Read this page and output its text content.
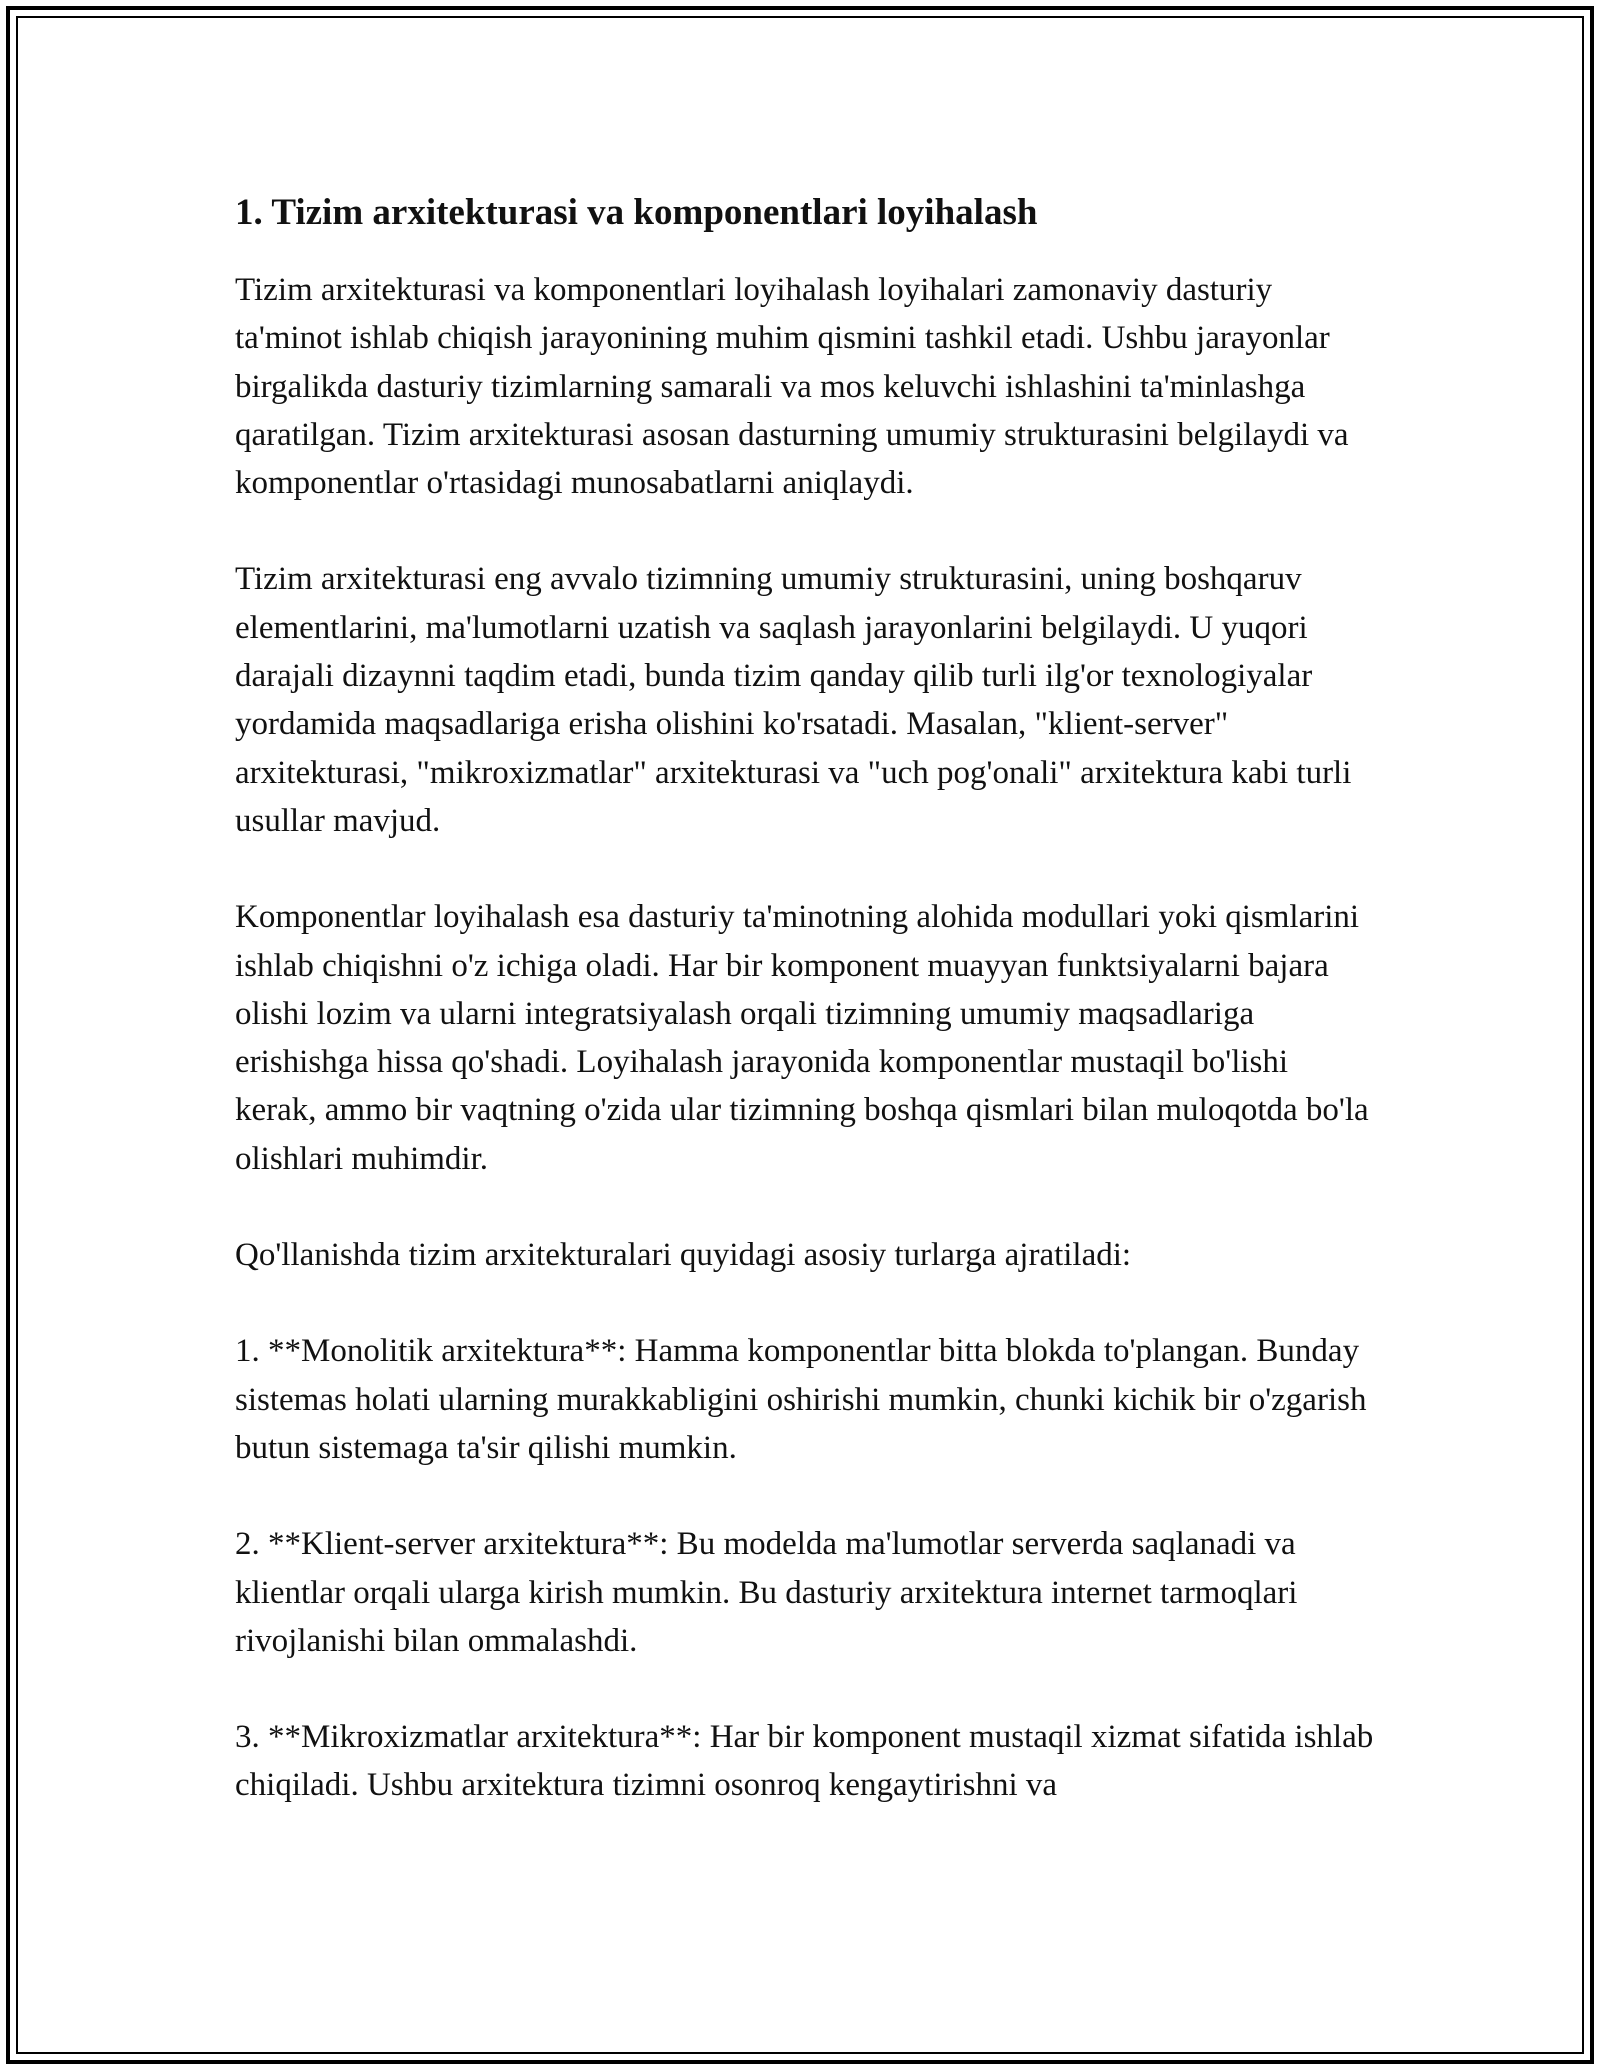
1. Tizim arxitekturasi va komponentlari loyihalash

Tizim arxitekturasi va komponentlari loyihalash loyihalari zamonaviy dasturiy ta'minot ishlab chiqish jarayonining muhim qismini tashkil etadi. Ushbu jarayonlar birgalikda dasturiy tizimlarning samarali va mos keluvchi ishlashini ta'minlashga qaratilgan. Tizim arxitekturasi asosan dasturning umumiy strukturasini belgilaydi va komponentlar o'rtasidagi munosabatlarni aniqlaydi.

Tizim arxitekturasi eng avvalo tizimning umumiy strukturasini, uning boshqaruv elementlarini, ma'lumotlarni uzatish va saqlash jarayonlarini belgilaydi. U yuqori darajali dizaynni taqdim etadi, bunda tizim qanday qilib turli ilg'or texnologiyalar yordamida maqsadlariga erisha olishini ko'rsatadi. Masalan, "klient-server" arxitekturasi, "mikroxizmatlar" arxitekturasi va "uch pog'onali" arxitektura kabi turli usullar mavjud.

Komponentlar loyihalash esa dasturiy ta'minotning alohida modullari yoki qismlarini ishlab chiqishni o'z ichiga oladi. Har bir komponent muayyan funktsiyalarni bajara olishi lozim va ularni integratsiyalash orqali tizimning umumiy maqsadlariga erishishga hissa qo'shadi. Loyihalash jarayonida komponentlar mustaqil bo'lishi kerak, ammo bir vaqtning o'zida ular tizimning boshqa qismlari bilan muloqotda bo'la olishlari muhimdir.

Qo'llanishda tizim arxitekturalari quyidagi asosiy turlarga ajratiladi:

1. **Monolitik arxitektura**: Hamma komponentlar bitta blokda to'plangan. Bunday sistemas holati ularning murakkabligini oshirishi mumkin, chunki kichik bir o'zgarish butun sistemaga ta'sir qilishi mumkin.

2. **Klient-server arxitektura**: Bu modelda ma'lumotlar serverda saqlanadi va klientlar orqali ularga kirish mumkin. Bu dasturiy arxitektura internet tarmoqlari rivojlanishi bilan ommalashdi.

3. **Mikroxizmatlar arxitektura**: Har bir komponent mustaqil xizmat sifatida ishlab chiqiladi. Ushbu arxitektura tizimni osonroq kengaytirishni va
